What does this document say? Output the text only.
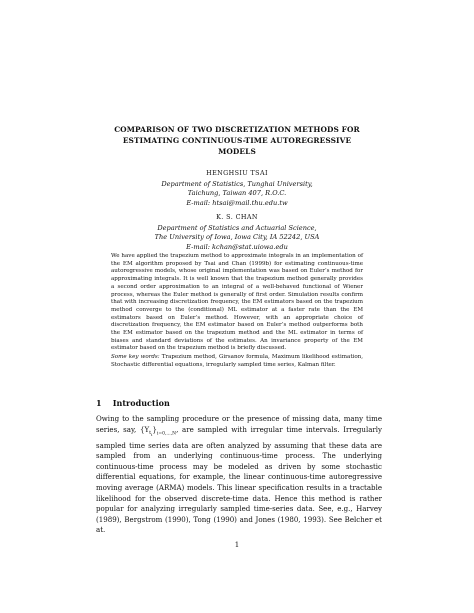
COMPARISON OF TWO DISCRETIZATION METHODS FOR
ESTIMATING CONTINUOUS-TIME AUTOREGRESSIVE
MODELS
HENGHSIU TSAI
Department of Statistics, Tunghai University,
Taichung, Taiwan 407, R.O.C.
E-mail: htsai@mail.thu.edu.tw
K. S. CHAN
Department of Statistics and Actuarial Science,
The University of Iowa, Iowa City, IA 52242, USA
E-mail: kchan@stat.uiowa.edu
We have applied the trapezium method to approximate integrals in an implementation of the EM algorithm proposed by Tsai and Chan (1999b) for estimating continuous-time autoregressive models, whose original implementation was based on Euler’s method for approximating integrals. It is well known that the trapezium method generally provides a second order approximation to an integral of a well-behaved functional of Wiener process, whereas the Euler method is generally of first order. Simulation results confirm that with increasing discretization frequency, the EM estimators based on the trapezium method converge to the (conditional) ML estimator at a faster rate than the EM estimators based on Euler’s method. However, with an appropriate choice of discretization frequency, the EM estimator based on Euler’s method outperforms both the EM estimator based on the trapezium method and the ML estimator in terms of biases and standard deviations of the estimates. An invariance property of the EM estimator based on the trapezium method is briefly discussed.
Some key words: Trapezium method, Girsanov formula, Maximum likelihood estimation, Stochastic differential equations, irregularly sampled time series, Kalman filter.
1 Introduction
Owing to the sampling procedure or the presence of missing data, many time series, say, $\{Y_{t_i}\}_{i=0,...,N}$, are sampled with irregular time intervals. Irregularly sampled time series data are often analyzed by assuming that these data are sampled from an underlying continuous-time process. The underlying continuous-time process may be modeled as driven by some stochastic differential equations, for example, the linear continuous-time autoregressive moving average (ARMA) models. This linear specification results in a tractable likelihood for the observed discrete-time data. Hence this method is rather popular for analyzing irregularly sampled time-series data. See, e.g., Harvey (1989), Bergstrom (1990), Tong (1990) and Jones (1980, 1993). See Belcher et at.
1
